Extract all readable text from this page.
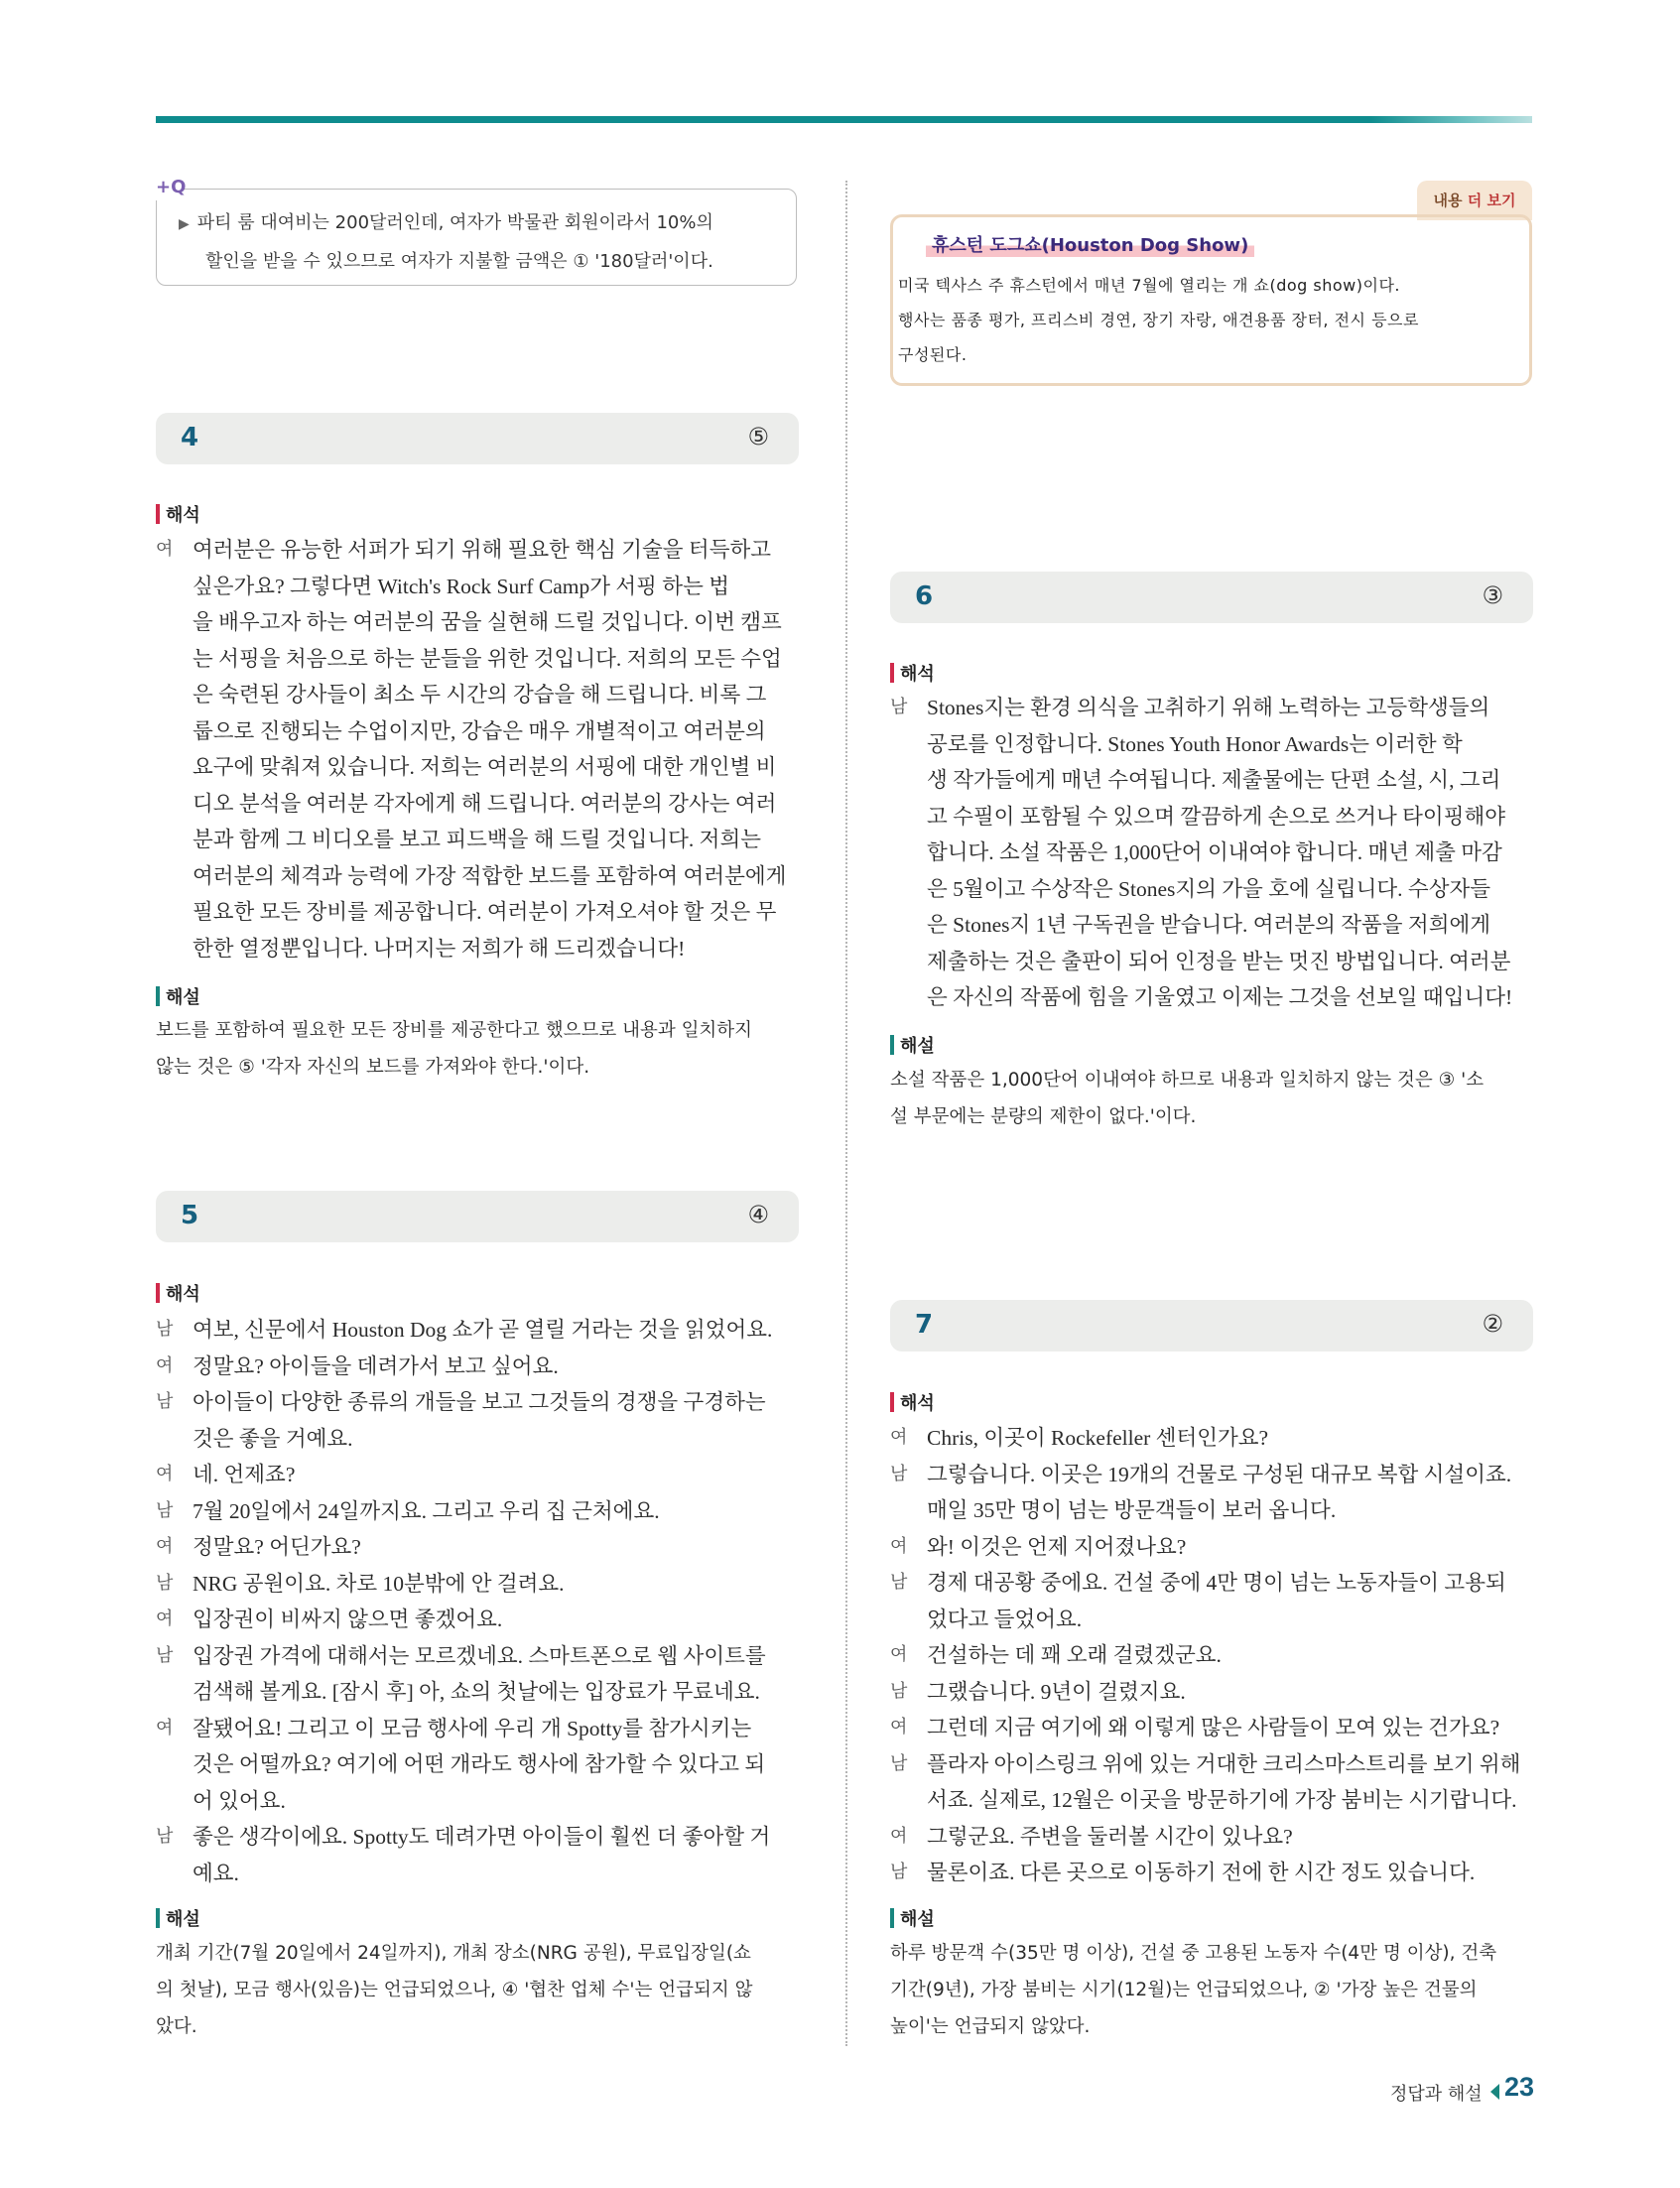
+Q
▶ 파티 룸 대여비는 200달러인데, 여자가 박물관 회원이라서 10%의
할인을 받을 수 있으므로 여자가 지불할 금액은 ① '180달러'이다.
내용 더 보기
휴스턴 도그쇼(Houston Dog Show)
미국 텍사스 주 휴스턴에서 매년 7월에 열리는 개 쇼(dog show)이다.
행사는 품종 평가, 프리스비 경연, 장기 자랑, 애견용품 장터, 전시 등으로
구성된다.
4	⑤
해석
여 여러분은 유능한 서퍼가 되기 위해 필요한 핵심 기술을 터득하고
싶은가요? 그렇다면 Witch's Rock Surf Camp가 서핑 하는 법
을 배우고자 하는 여러분의 꿈을 실현해 드릴 것입니다. 이번 캠프
는 서핑을 처음으로 하는 분들을 위한 것입니다. 저희의 모든 수업
은 숙련된 강사들이 최소 두 시간의 강습을 해 드립니다. 비록 그
룹으로 진행되는 수업이지만, 강습은 매우 개별적이고 여러분의
요구에 맞춰져 있습니다. 저희는 여러분의 서핑에 대한 개인별 비
디오 분석을 여러분 각자에게 해 드립니다. 여러분의 강사는 여러
분과 함께 그 비디오를 보고 피드백을 해 드릴 것입니다. 저희는
여러분의 체격과 능력에 가장 적합한 보드를 포함하여 여러분에게
필요한 모든 장비를 제공합니다. 여러분이 가져오셔야 할 것은 무
한한 열정뿐입니다. 나머지는 저희가 해 드리겠습니다!
해설
보드를 포함하여 필요한 모든 장비를 제공한다고 했으므로 내용과 일치하지
않는 것은 ⑤ '각자 자신의 보드를 가져와야 한다.'이다.
5	④
해석
남 여보, 신문에서 Houston Dog 쇼가 곧 열릴 거라는 것을 읽었어요.
여 정말요? 아이들을 데려가서 보고 싶어요.
남 아이들이 다양한 종류의 개들을 보고 그것들의 경쟁을 구경하는
것은 좋을 거예요.
여 네. 언제죠?
남 7월 20일에서 24일까지요. 그리고 우리 집 근처에요.
여 정말요? 어딘가요?
남 NRG 공원이요. 차로 10분밖에 안 걸려요.
여 입장권이 비싸지 않으면 좋겠어요.
남 입장권 가격에 대해서는 모르겠네요. 스마트폰으로 웹 사이트를
검색해 볼게요. [잠시 후] 아, 쇼의 첫날에는 입장료가 무료네요.
여 잘됐어요! 그리고 이 모금 행사에 우리 개 Spotty를 참가시키는
것은 어떨까요? 여기에 어떤 개라도 행사에 참가할 수 있다고 되
어 있어요.
남 좋은 생각이에요. Spotty도 데려가면 아이들이 훨씬 더 좋아할 거
예요.
해설
개최 기간(7월 20일에서 24일까지), 개최 장소(NRG 공원), 무료입장일(쇼
의 첫날), 모금 행사(있음)는 언급되었으나, ④ '협찬 업체 수'는 언급되지 않
았다.
6	③
해석
남 Stones지는 환경 의식을 고취하기 위해 노력하는 고등학생들의
공로를 인정합니다. Stones Youth Honor Awards는 이러한 학
생 작가들에게 매년 수여됩니다. 제출물에는 단편 소설, 시, 그리
고 수필이 포함될 수 있으며 깔끔하게 손으로 쓰거나 타이핑해야
합니다. 소설 작품은 1,000단어 이내여야 합니다. 매년 제출 마감
은 5월이고 수상작은 Stones지의 가을 호에 실립니다. 수상자들
은 Stones지 1년 구독권을 받습니다. 여러분의 작품을 저희에게
제출하는 것은 출판이 되어 인정을 받는 멋진 방법입니다. 여러분
은 자신의 작품에 힘을 기울였고 이제는 그것을 선보일 때입니다!
해설
소설 작품은 1,000단어 이내여야 하므로 내용과 일치하지 않는 것은 ③ '소
설 부문에는 분량의 제한이 없다.'이다.
7	②
해석
여 Chris, 이곳이 Rockefeller 센터인가요?
남 그렇습니다. 이곳은 19개의 건물로 구성된 대규모 복합 시설이죠.
매일 35만 명이 넘는 방문객들이 보러 옵니다.
여 와! 이것은 언제 지어졌나요?
남 경제 대공황 중에요. 건설 중에 4만 명이 넘는 노동자들이 고용되
었다고 들었어요.
여 건설하는 데 꽤 오래 걸렸겠군요.
남 그랬습니다. 9년이 걸렸지요.
여 그런데 지금 여기에 왜 이렇게 많은 사람들이 모여 있는 건가요?
남 플라자 아이스링크 위에 있는 거대한 크리스마스트리를 보기 위해
서죠. 실제로, 12월은 이곳을 방문하기에 가장 붐비는 시기랍니다.
여 그렇군요. 주변을 둘러볼 시간이 있나요?
남 물론이죠. 다른 곳으로 이동하기 전에 한 시간 정도 있습니다.
해설
하루 방문객 수(35만 명 이상), 건설 중 고용된 노동자 수(4만 명 이상), 건축
기간(9년), 가장 붐비는 시기(12월)는 언급되었으나, ② '가장 높은 건물의
높이'는 언급되지 않았다.
정답과 해설 23
